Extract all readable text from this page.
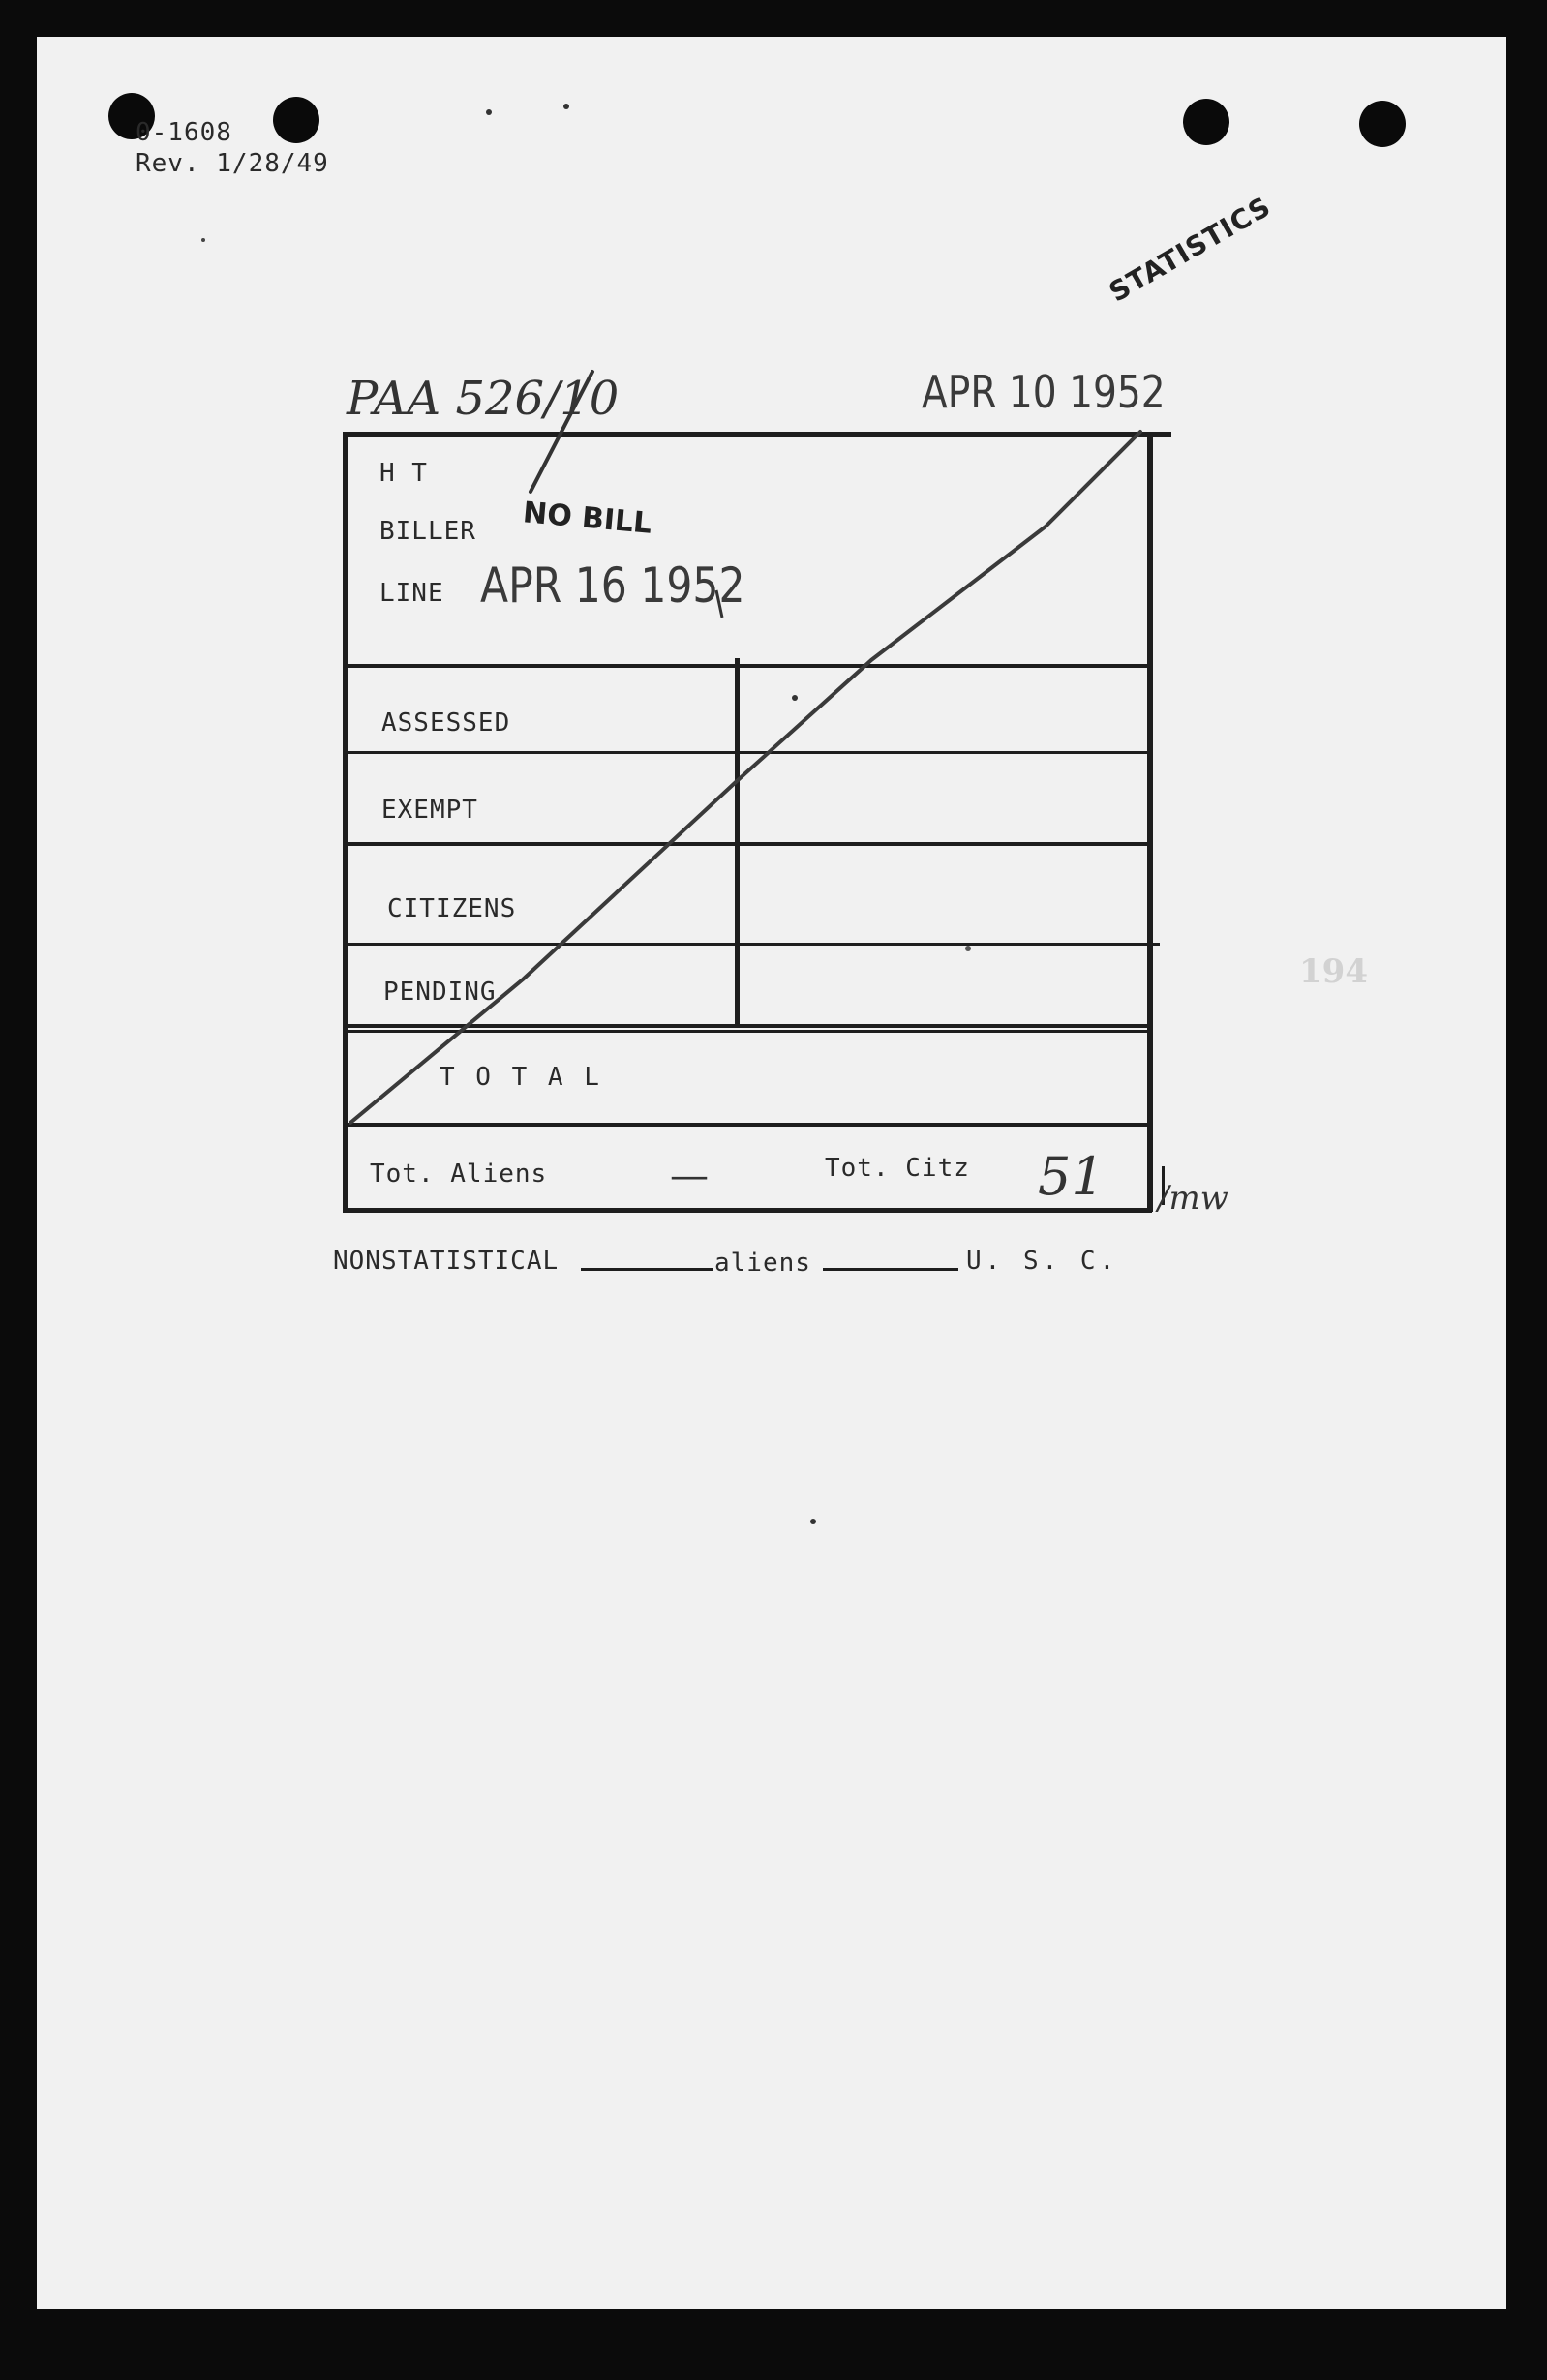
0-1608
Rev. 1/28/49
STATISTICS
PAA 526/10	APR 10 1952
H T
BILLER NO BILL
LINE APR 16 1952
ASSESSED
EXEMPT
CITIZENS
PENDING
T O T A L
Tot. Aliens	—	Tot. Citz 51 /mw
NONSTATISTICAL	aliens	U. S. C.
194
